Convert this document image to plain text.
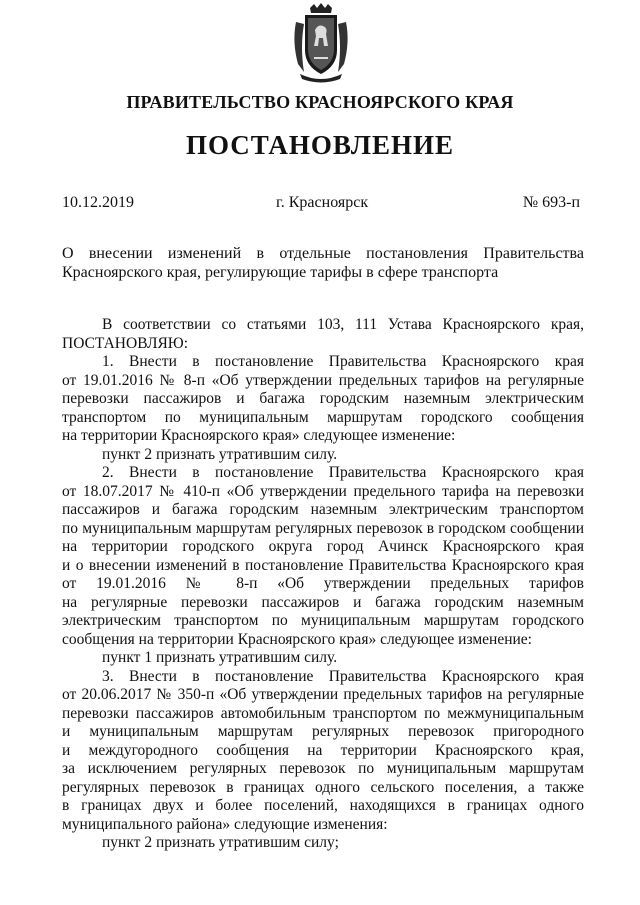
ПРАВИТЕЛЬСТВО КРАСНОЯРСКОГО КРАЯ
ПОСТАНОВЛЕНИЕ
10.12.2019	г. Красноярск	№ 693-п
О внесении изменений в отдельные постановления Правительства
Красноярского края, регулирующие тарифы в сфере транспорта
В соответствии со статьями 103, 111 Устава Красноярского края,
ПОСТАНОВЛЯЮ:
1. Внести в постановление Правительства Красноярского края
от 19.01.2016 № 8-п «Об утверждении предельных тарифов на регулярные
перевозки пассажиров и багажа городским наземным электрическим
транспортом по муниципальным маршрутам городского сообщения
на территории Красноярского края» следующее изменение:
пункт 2 признать утратившим силу.
2. Внести в постановление Правительства Красноярского края
от 18.07.2017 № 410-п «Об утверждении предельного тарифа на перевозки
пассажиров и багажа городским наземным электрическим транспортом
по муниципальным маршрутам регулярных перевозок в городском сообщении
на территории городского округа город Ачинск Красноярского края
и о внесении изменений в постановление Правительства Красноярского края
от 19.01.2016 № 8-п «Об утверждении предельных тарифов
на регулярные перевозки пассажиров и багажа городским наземным
электрическим транспортом по муниципальным маршрутам городского
сообщения на территории Красноярского края» следующее изменение:
пункт 1 признать утратившим силу.
3. Внести в постановление Правительства Красноярского края
от 20.06.2017 № 350-п «Об утверждении предельных тарифов на регулярные
перевозки пассажиров автомобильным транспортом по межмуниципальным
и муниципальным маршрутам регулярных перевозок пригородного
и междугородного сообщения на территории Красноярского края,
за исключением регулярных перевозок по муниципальным маршрутам
регулярных перевозок в границах одного сельского поселения, а также
в границах двух и более поселений, находящихся в границах одного
муниципального района» следующие изменения:
пункт 2 признать утратившим силу;
